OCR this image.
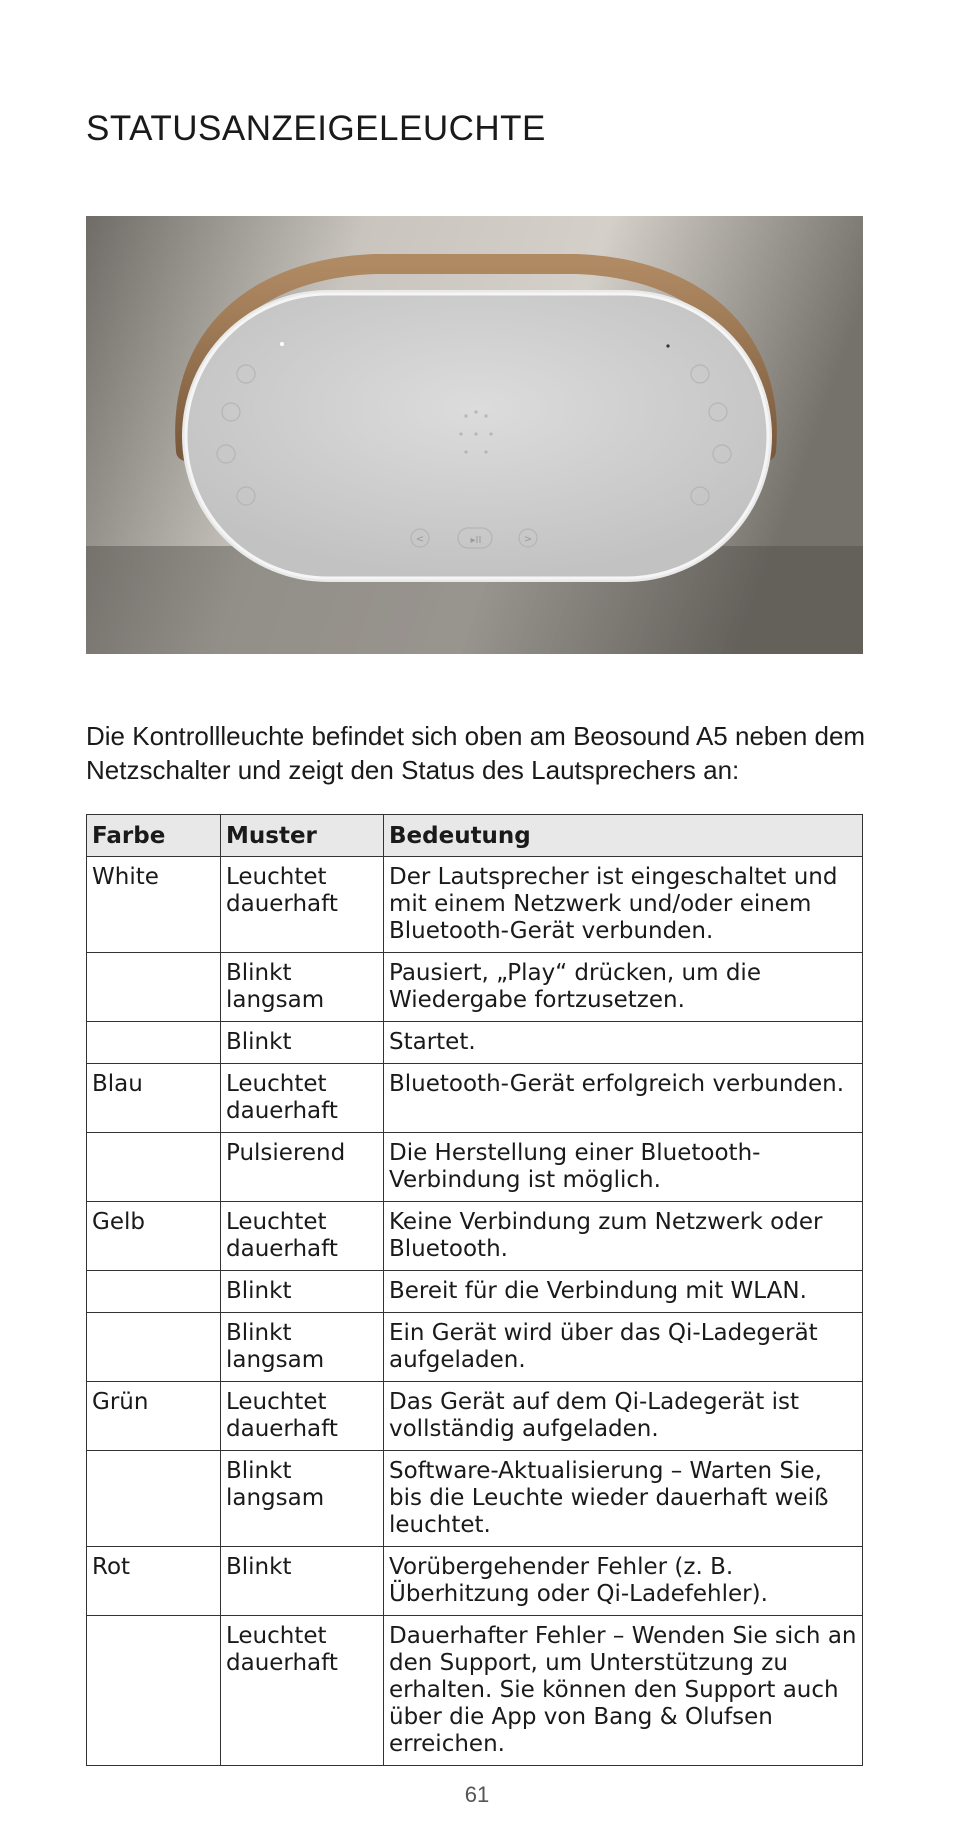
STATUSANZEIGELEUCHTE
▸II
<	>

Die Kontrollleuchte befindet sich oben am Beosound A5 neben dem Netzschalter und zeigt den Status des Lautsprechers an:

Farbe	Muster	Bedeutung
White	Leuchtet dauerhaft	Der Lautsprecher ist eingeschaltet und mit einem Netzwerk und/oder einem Bluetooth-Gerät verbunden.
	Blinkt langsam	Pausiert, „Play“ drücken, um die Wiedergabe fortzusetzen.
	Blinkt	Startet.
Blau	Leuchtet dauerhaft	Bluetooth-Gerät erfolgreich verbunden.
	Pulsierend	Die Herstellung einer Bluetooth-Verbindung ist möglich.
Gelb	Leuchtet dauerhaft	Keine Verbindung zum Netzwerk oder Bluetooth.
	Blinkt	Bereit für die Verbindung mit WLAN.
	Blinkt langsam	Ein Gerät wird über das Qi-Ladegerät aufgeladen.
Grün	Leuchtet dauerhaft	Das Gerät auf dem Qi-Ladegerät ist vollständig aufgeladen.
	Blinkt langsam	Software-Aktualisierung – Warten Sie, bis die Leuchte wieder dauerhaft weiß leuchtet.
Rot	Blinkt	Vorübergehender Fehler (z. B. Überhitzung oder Qi-Ladefehler).
	Leuchtet dauerhaft	Dauerhafter Fehler – Wenden Sie sich an den Support, um Unterstützung zu erhalten. Sie können den Support auch über die App von Bang & Olufsen erreichen.
61
